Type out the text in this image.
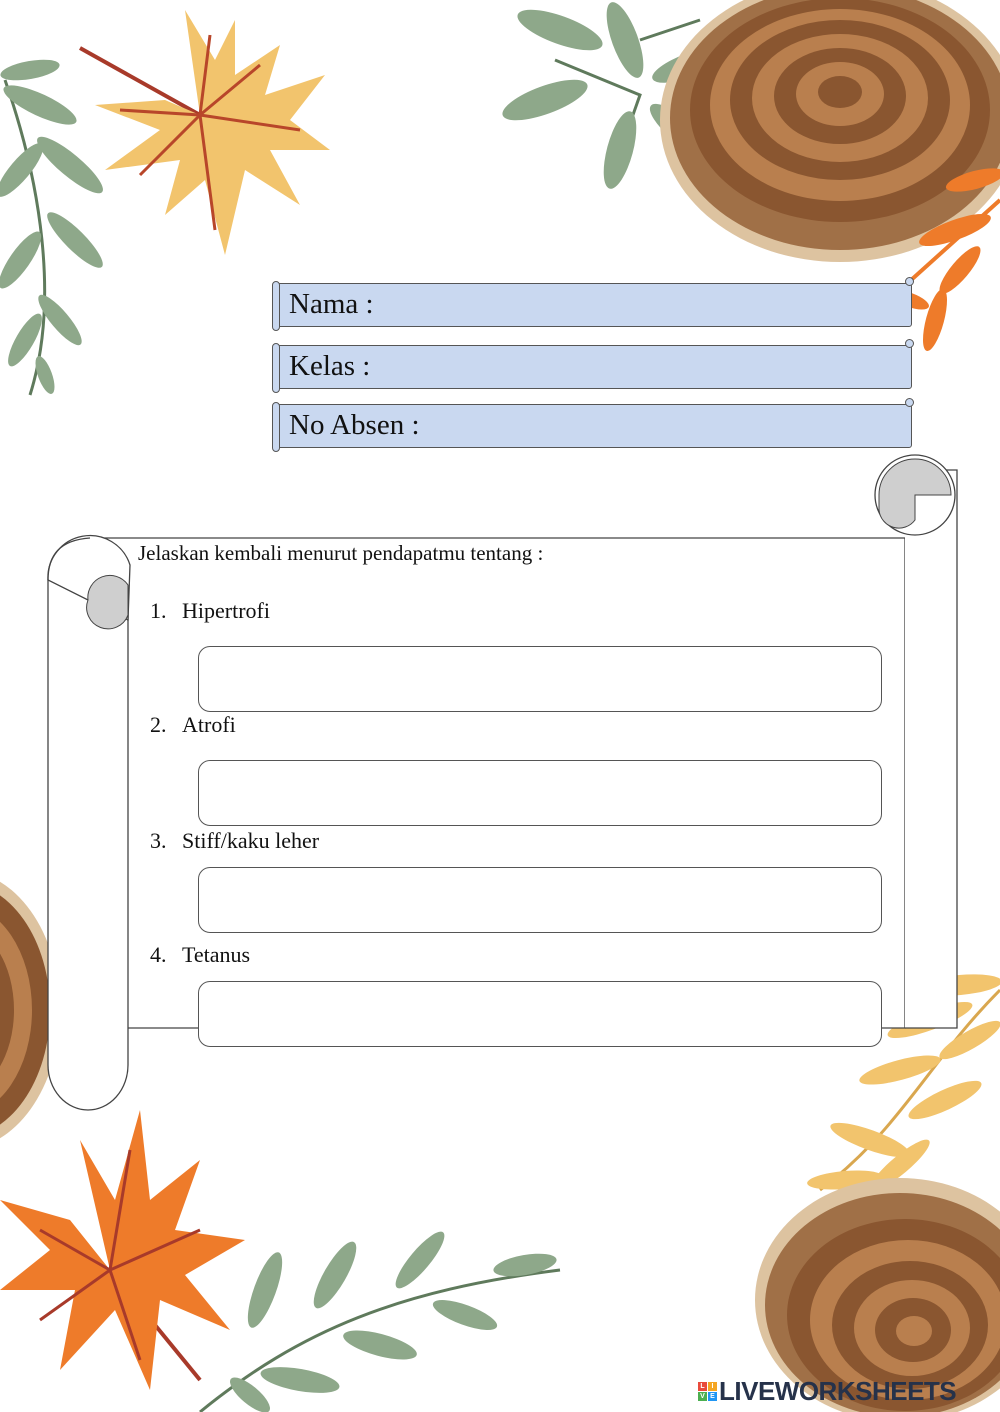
Nama :
Kelas :
No Absen :
Jelaskan kembali menurut pendapatmu tentang :
1. Hipertrofi
2. Atrofi
3. Stiff/kaku leher
4. Tetanus
L I
V E LIVEWORKSHEETS
